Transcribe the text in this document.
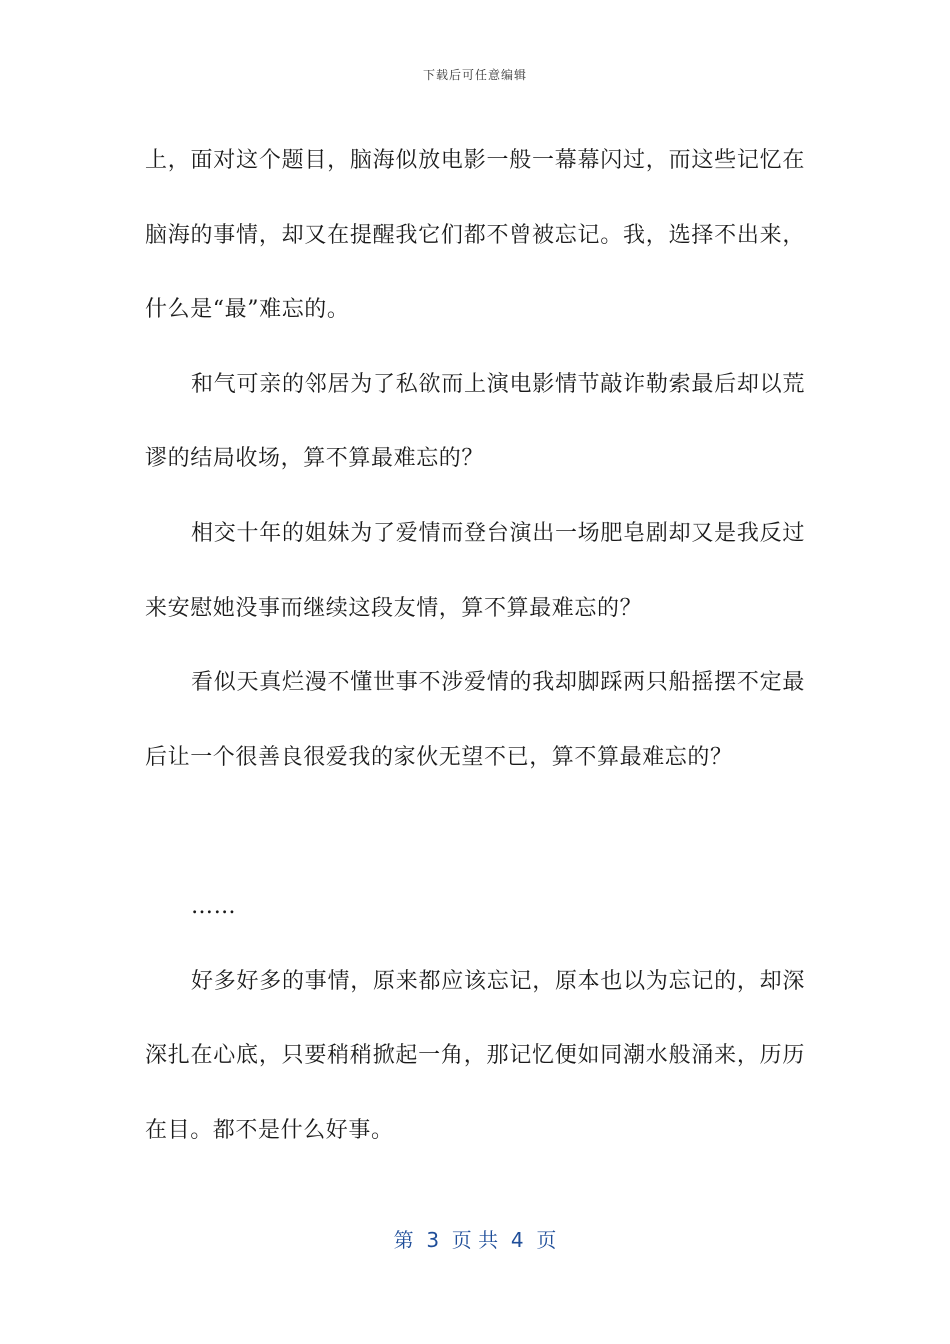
下载后可任意编辑

上，面对这个题目，脑海似放电影一般一幕幕闪过，而这些记忆在脑海的事情，却又在提醒我它们都不曾被忘记。我，选择不出来，什么是“最”难忘的。

和气可亲的邻居为了私欲而上演电影情节敲诈勒索最后却以荒谬的结局收场，算不算最难忘的？

相交十年的姐妹为了爱情而登台演出一场肥皂剧却又是我反过来安慰她没事而继续这段友情，算不算最难忘的？

看似天真烂漫不懂世事不涉爱情的我却脚踩两只船摇摆不定最后让一个很善良很爱我的家伙无望不已，算不算最难忘的？

……

好多好多的事情，原来都应该忘记，原本也以为忘记的，却深深扎在心底，只要稍稍掀起一角，那记忆便如同潮水般涌来，历历在目。都不是什么好事。

第  3  页 共  4  页
